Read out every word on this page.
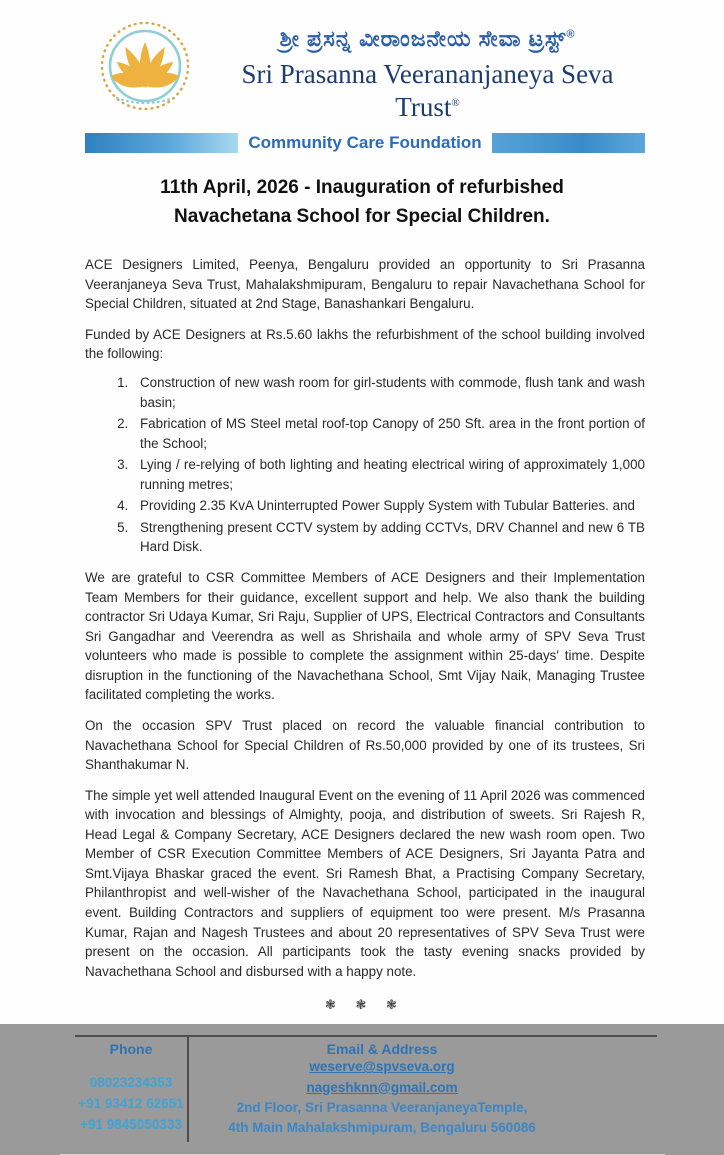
ಶ್ರೀ ಪ್ರಸನ್ನ ವೀರಾಂಜನೇಯ ಸೇವಾ ಟ್ರಸ್ಟ್®
Sri Prasanna Veerananjaneya Seva Trust®
Community Care Foundation
11th April, 2026 - Inauguration of refurbished Navachetana School for Special Children.

ACE Designers Limited, Peenya, Bengaluru provided an opportunity to Sri Prasanna Veeranjaneya Seva Trust, Mahalakshmipuram, Bengaluru to repair Navachethana School for Special Children, situated at 2nd Stage, Banashankari Bengaluru.

Funded by ACE Designers at Rs.5.60 lakhs the refurbishment of the school building involved the following:

1. Construction of new wash room for girl-students with commode, flush tank and wash basin;
2. Fabrication of MS Steel metal roof-top Canopy of 250 Sft. area in the front portion of the School;
3. Lying / re-relying of both lighting and heating electrical wiring of approximately 1,000 running metres;
4. Providing 2.35 KvA Uninterrupted Power Supply System with Tubular Batteries. and
5. Strengthening present CCTV system by adding CCTVs, DRV Channel and new 6 TB Hard Disk.

We are grateful to CSR Committee Members of ACE Designers and their Implementation Team Members for their guidance, excellent support and help. We also thank the building contractor Sri Udaya Kumar, Sri Raju, Supplier of UPS, Electrical Contractors and Consultants Sri Gangadhar and Veerendra as well as Shrishaila and whole army of SPV Seva Trust volunteers who made is possible to complete the assignment within 25-days' time. Despite disruption in the functioning of the Navachethana School, Smt Vijay Naik, Managing Trustee facilitated completing the works.

On the occasion SPV Trust placed on record the valuable financial contribution to Navachethana School for Special Children of Rs.50,000 provided by one of its trustees, Sri Shanthakumar N.

The simple yet well attended Inaugural Event on the evening of 11 April 2026 was commenced with invocation and blessings of Almighty, pooja, and distribution of sweets. Sri Rajesh R, Head Legal & Company Secretary, ACE Designers declared the new wash room open. Two Member of CSR Execution Committee Members of ACE Designers, Sri Jayanta Patra and Smt.Vijaya Bhaskar graced the event. Sri Ramesh Bhat, a Practising Company Secretary, Philanthropist and well-wisher of the Navachethana School, participated in the inaugural event. Building Contractors and suppliers of equipment too were present. M/s Prasanna Kumar, Rajan and Nagesh Trustees and about 20 representatives of SPV Seva Trust were present on the occasion. All participants took the tasty evening snacks provided by Navachethana School and disbursed with a happy note.

❃ ❃ ❃
Phone
08023234353
+91 93412 62651
+91 9845050333
Email & Address
weserve@spvseva.org
nageshknn@gmail.com
2nd Floor, Sri Prasanna VeeranjaneyaTemple,
4th Main Mahalakshmipuram, Bengaluru 560086
